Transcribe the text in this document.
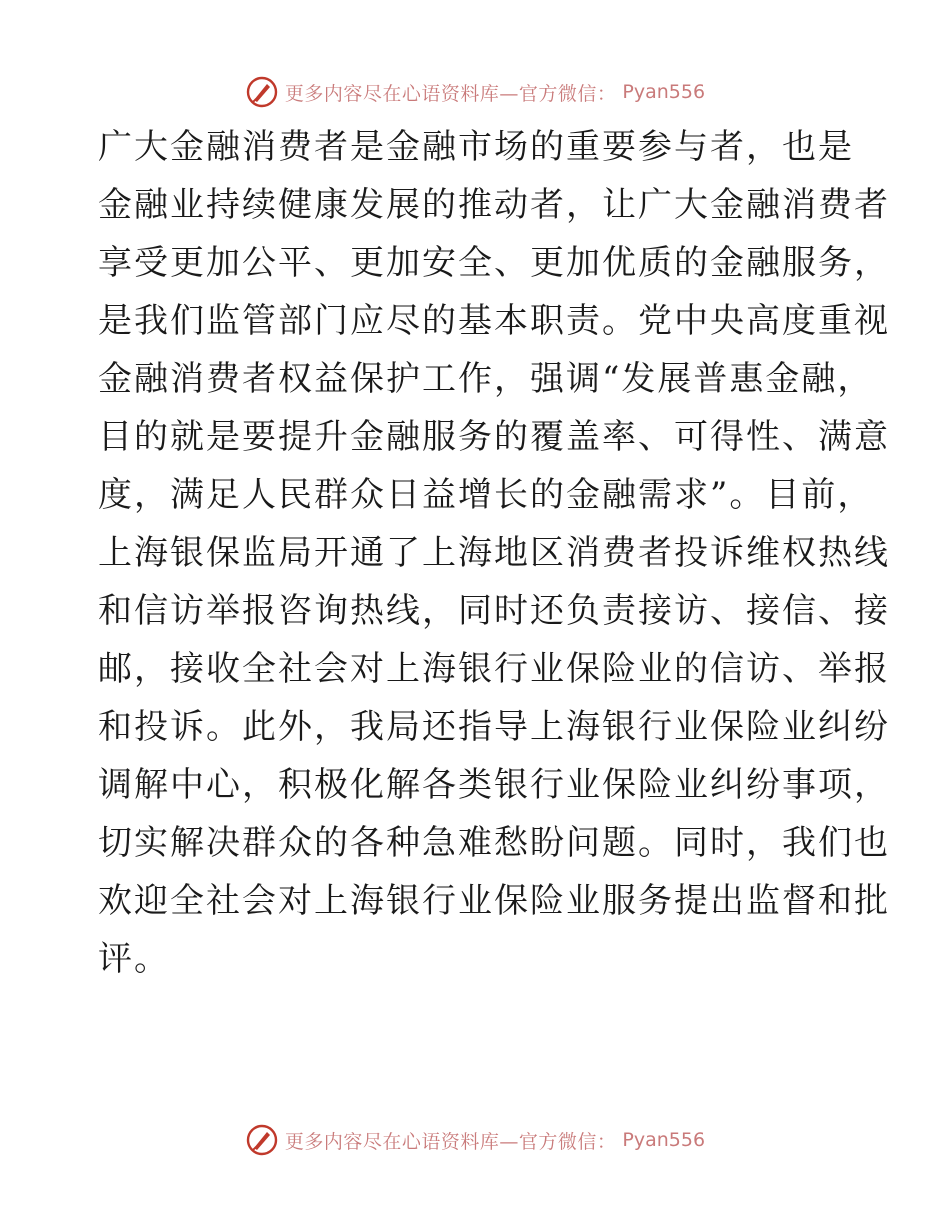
更多内容尽在心语资料库—官方微信： Pyan556
广大金融消费者是金融市场的重要参与者，也是
金融业持续健康发展的推动者，让广大金融消费者
享受更加公平、更加安全、更加优质的金融服务，
是我们监管部门应尽的基本职责。党中央高度重视
金融消费者权益保护工作，强调“发展普惠金融，
目的就是要提升金融服务的覆盖率、可得性、满意
度，满足人民群众日益增长的金融需求”。目前，
上海银保监局开通了上海地区消费者投诉维权热线
和信访举报咨询热线，同时还负责接访、接信、接
邮，接收全社会对上海银行业保险业的信访、举报
和投诉。此外，我局还指导上海银行业保险业纠纷
调解中心，积极化解各类银行业保险业纠纷事项，
切实解决群众的各种急难愁盼问题。同时，我们也
欢迎全社会对上海银行业保险业服务提出监督和批
评。
更多内容尽在心语资料库—官方微信： Pyan556
